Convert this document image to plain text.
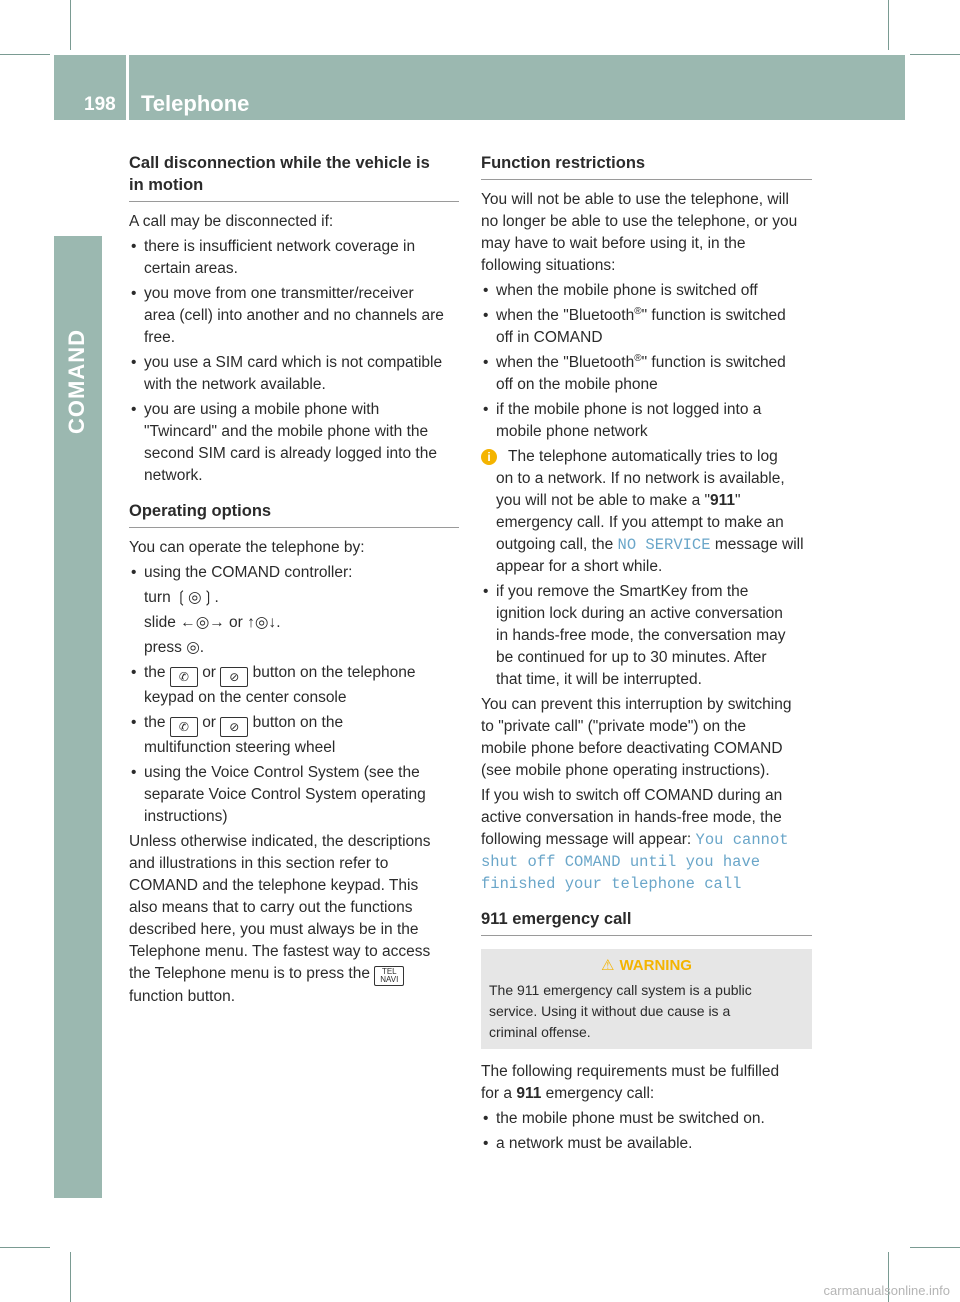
198 Telephone
COMAND
Call disconnection while the vehicle is
in motion

A call may be disconnected if:

• there is insufficient network coverage in
certain areas.
• you move from one transmitter/receiver
area (cell) into another and no channels are
free.
• you use a SIM card which is not compatible
with the network available.
• you are using a mobile phone with
"Twincard" and the mobile phone with the
second SIM card is already logged into the
network.
Operating options

You can operate the telephone by:

• using the COMAND controller:
turn ❲◎❳.
slide ←◎→ or ↑◎↓.
press ◎.
• the ✆ or ⊘ button on the telephone
keypad on the center console
• the ✆ or ⊘ button on the
multifunction steering wheel
• using the Voice Control System (see the
separate Voice Control System operating
instructions)

Unless otherwise indicated, the descriptions
and illustrations in this section refer to
COMAND and the telephone keypad. This
also means that to carry out the functions
described here, you must always be in the
Telephone menu. The fastest way to access
the Telephone menu is to press the TEL
NAVI
function button.

Function restrictions

You will not be able to use the telephone, will
no longer be able to use the telephone, or you
may have to wait before using it, in the
following situations:

• when the mobile phone is switched off
• when the "Bluetooth®" function is switched
off in COMAND
• when the "Bluetooth®" function is switched
off on the mobile phone
• if the mobile phone is not logged into a
mobile phone network
i	The telephone automatically tries to log
on to a network. If no network is available,
you will not be able to make a "911"
emergency call. If you attempt to make an
outgoing call, the NO SERVICE message will
appear for a short while.
• if you remove the SmartKey from the
ignition lock during an active conversation
in hands-free mode, the conversation may
be continued for up to 30 minutes. After
that time, it will be interrupted.

You can prevent this interruption by switching
to "private call" ("private mode") on the
mobile phone before deactivating COMAND
(see mobile phone operating instructions).

If you wish to switch off COMAND during an
active conversation in hands-free mode, the
following message will appear: You cannot
shut off COMAND until you have
finished your telephone call

911 emergency call
⚠ WARNING
The 911 emergency call system is a public
service. Using it without due cause is a
criminal offense.

The following requirements must be fulfilled
for a 911 emergency call:

• the mobile phone must be switched on.
• a network must be available.
carmanualsonline.info
